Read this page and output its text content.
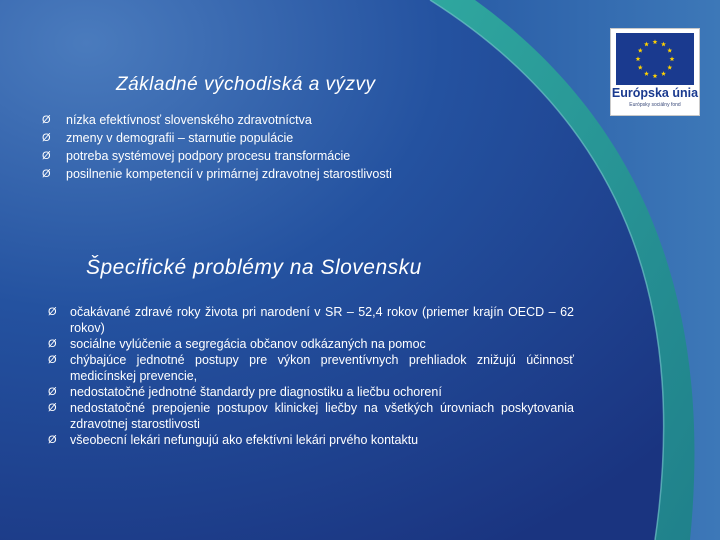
Základné východiská a výzvy
Ø nízka efektívnosť slovenského zdravotníctva
Ø zmeny v demografii – starnutie populácie
Ø potreba systémovej podpory procesu transformácie
Ø posilnenie kompetencií v primárnej zdravotnej starostlivosti
Špecifické problémy na Slovensku
Ø očakávané zdravé roky života pri narodení v SR – 52,4 rokov (priemer krajín OECD – 62 rokov)
Ø sociálne vylúčenie a segregácia občanov odkázaných na pomoc
Ø chýbajúce jednotné postupy pre výkon preventívnych prehliadok znižujú účinnosť medicínskej prevencie,
Ø nedostatočné jednotné štandardy pre diagnostiku a liečbu ochorení
Ø nedostatočné prepojenie postupov klinickej liečby na všetkých úrovniach poskytovania zdravotnej starostlivosti
Ø všeobecní lekári nefungujú ako efektívni lekári prvého kontaktu
Európska únia
Európsky sociálny fond
